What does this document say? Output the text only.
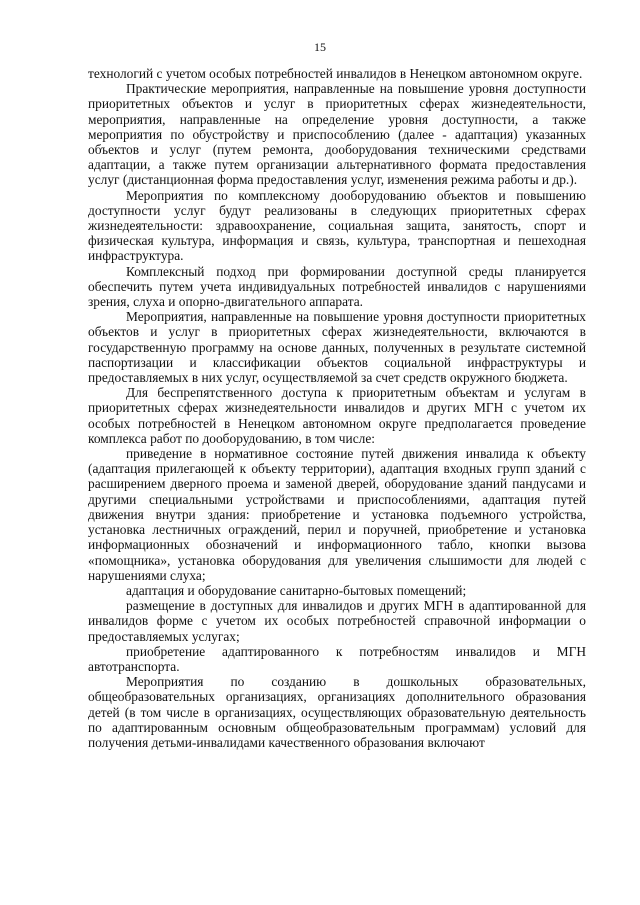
15

технологий с учетом особых потребностей инвалидов в Ненецком автономном округе.

Практические мероприятия, направленные на повышение уровня доступности приоритетных объектов и услуг в приоритетных сферах жизнедеятельности, мероприятия, направленные на определение уровня доступности, а также мероприятия по обустройству и приспособлению (далее - адаптация) указанных объектов и услуг (путем ремонта, дооборудования техническими средствами адаптации, а также путем организации альтернативного формата предоставления услуг (дистанционная форма предоставления услуг, изменения режима работы и др.).

Мероприятия по комплексному дооборудованию объектов и повышению доступности услуг будут реализованы в следующих приоритетных сферах жизнедеятельности: здравоохранение, социальная защита, занятость, спорт и физическая культура, информация и связь, культура, транспортная и пешеходная инфраструктура.

Комплексный подход при формировании доступной среды планируется обеспечить путем учета индивидуальных потребностей инвалидов с нарушениями зрения, слуха и опорно-двигательного аппарата.

Мероприятия, направленные на повышение уровня доступности приоритетных объектов и услуг в приоритетных сферах жизнедеятельности, включаются в государственную программу на основе данных, полученных в результате системной паспортизации и классификации объектов социальной инфраструктуры и предоставляемых в них услуг, осуществляемой за счет средств окружного бюджета.

Для беспрепятственного доступа к приоритетным объектам и услугам в приоритетных сферах жизнедеятельности инвалидов и других МГН с учетом их особых потребностей в Ненецком автономном округе предполагается проведение комплекса работ по дооборудованию, в том числе:

приведение в нормативное состояние путей движения инвалида к объекту (адаптация прилегающей к объекту территории), адаптация входных групп зданий с расширением дверного проема и заменой дверей, оборудование зданий пандусами и другими специальными устройствами и приспособлениями, адаптация путей движения внутри здания: приобретение и установка подъемного устройства, установка лестничных ограждений, перил и поручней, приобретение и установка информационных обозначений и информационного табло, кнопки вызова «помощника», установка оборудования для увеличения слышимости для людей с нарушениями слуха;

адаптация и оборудование санитарно-бытовых помещений;

размещение в доступных для инвалидов и других МГН в адаптированной для инвалидов форме с учетом их особых потребностей справочной информации о предоставляемых услугах;

приобретение адаптированного к потребностям инвалидов и МГН автотранспорта.

Мероприятия по созданию в дошкольных образовательных, общеобразовательных организациях, организациях дополнительного образования детей (в том числе в организациях, осуществляющих образовательную деятельность по адаптированным основным общеобразовательным программам) условий для получения детьми-инвалидами качественного образования включают
